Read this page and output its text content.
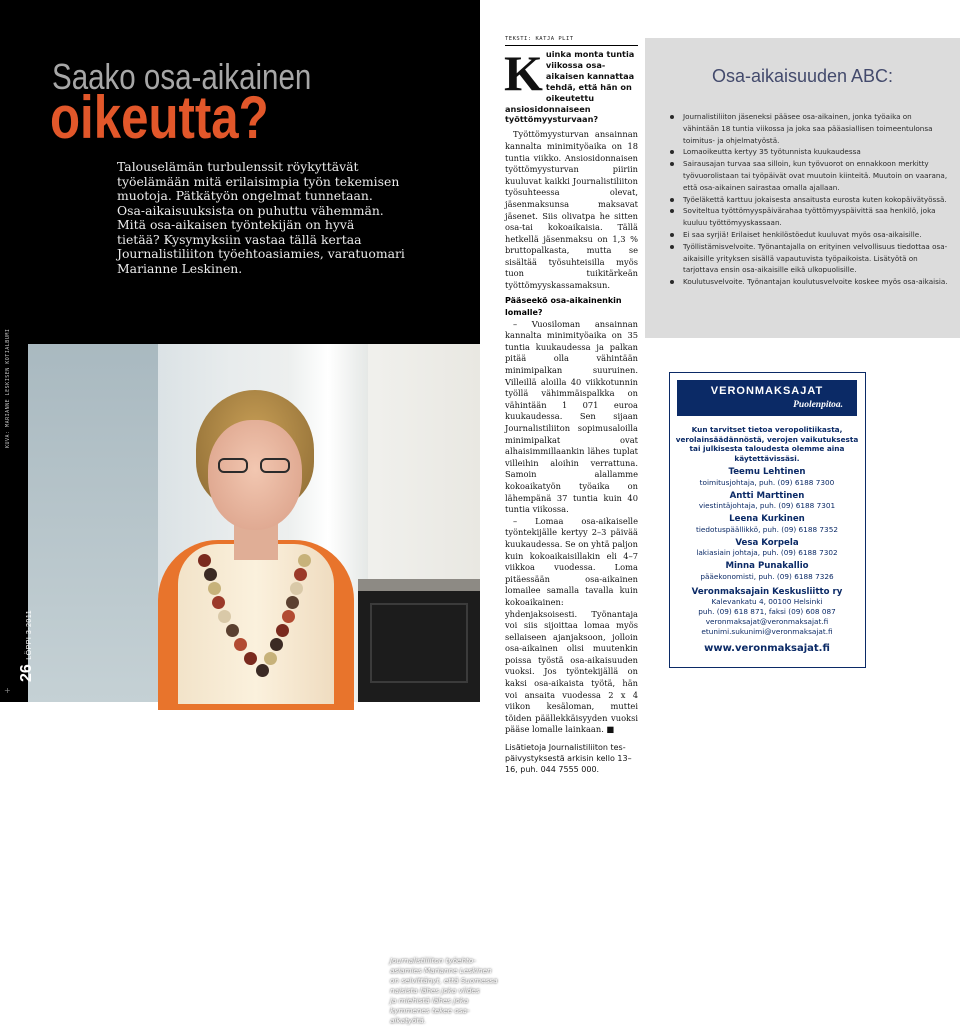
KUVA: MARIANNE LESKISEN KOTIALBUMI
Saako osa-aikainen
oikeutta?

Talouselämän turbulenssit röykyttävät

työelämään mitä erilaisimpia työn tekemisen

muotoja. Pätkätyön ongelmat tunnetaan.

Osa-aikaisuuksista on puhuttu vähemmän.

Mitä osa-aikaisen työntekijän on hyvä

tietää? Kysymyksiin vastaa tällä kertaa

Journalistiliiton työehtoasiamies, varatuomari

Marianne Leskinen.

Journalistiliiton työehto-
asiamies Marianne Leskinen
on selvittänyt, että Suomessa
naisista lähes joka viides
ja miehistä lähes joka
kymmenes tekee osa-aikatyötä.
26 LÖPPI 3-2011
+
TEKSTI: KATJA PLIT
K uinka monta tuntia viikossa osa-aikaisen kannattaa tehdä, että hän on oikeutettu ansiosidonnaiseen työttömyysturvaan?

Työttömyysturvan ansainnan kannalta minimityöaika on 18 tuntia viikko. Ansiosidonnaisen työttömyysturvan piiriin kuuluvat kaikki Journalistiliiton työsuhteessa olevat, jäsenmaksunsa maksavat jäsenet. Siis olivatpa he sitten osa-tai kokoaikaisia. Tällä hetkellä jäsenmaksu on 1,3 % bruttopalkasta, mutta se sisältää työsuhteisilla myös tuon tuikitärkeän työttömyyskassamaksun.

Pääseekö osa-aikainenkin lomalle?

– Vuosiloman ansainnan kannalta minimityöaika on 35 tuntia kuukaudessa ja palkan pitää olla vähintään minimipalkan suuruinen. Villeillä aloilla 40 viikkotunnin työllä vähimmäispalkka on vähintään 1 071 euroa kuukaudessa. Sen sijaan Journalistiliiton sopimusaloilla minimipalkat ovat alhaisimmillaankin lähes tuplat villeihin aloihin verrattuna. Samoin alallamme kokoaikatyön työaika on lähempänä 37 tuntia kuin 40 tuntia viikossa.

– Lomaa osa-aikaiselle työntekijälle kertyy 2–3 päivää kuukaudessa. Se on yhtä paljon kuin kokoaikaisillakin eli 4–7 viikkoa vuodessa. Loma pitäessään osa-aikainen lomailee samalla tavalla kuin kokoaikainen: yhdenjaksoisesti. Työnantaja voi siis sijoittaa lomaa myös sellaiseen ajanjaksoon, jolloin osa-aikainen olisi muutenkin poissa työstä osa-aikaisuuden vuoksi. Jos työntekijällä on kaksi osa-aikaista työtä, hän voi ansaita vuodessa 2 x 4 viikon kesäloman, muttei töiden päällekkäisyyden vuoksi pääse lomalle lainkaan. ■

Lisätietoja Journalistiliiton tes-päivystyksestä arkisin kello 13–16, puh. 044 7555 000.
Osa-aikaisuuden ABC:
Journalistiliiton jäseneksi pääsee osa-aikainen, jonka työaika on vähintään 18 tuntia viikossa ja joka saa pääasiallisen toimeentulonsa toimitus- ja ohjelmatyöstä.
Lomaoikeutta kertyy 35 työtunnista kuukaudessa
Sairausajan turvaa saa silloin, kun työvuorot on ennakkoon merkitty työvuorolistaan tai työpäivät ovat muutoin kiinteitä. Muutoin on vaarana, että osa-aikainen sairastaa omalla ajallaan.
Työeläkettä karttuu jokaisesta ansaitusta eurosta kuten kokopäivätyössä.
Soviteltua työttömyyspäivärahaa työttömyyspäivittä saa henkilö, joka kuuluu työttömyyskassaan.
Ei saa syrjiä! Erilaiset henkilöstöedut kuuluvat myös osa-aikaisille.
Työllistämisvelvoite. Työnantajalla on erityinen velvollisuus tiedottaa osa-aikaisille yrityksen sisällä vapautuvista työpaikoista. Lisätyötä on tarjottava ensin osa-aikaisille eikä ulkopuolisille.
Koulutusvelvoite. Työnantajan koulutusvelvoite koskee myös osa-aikaisia.
VERONMAKSAJAT
Puolenpitoa.
Kun tarvitset tietoa veropolitiikasta, verolainsäädännöstä, verojen vaikutuksesta tai julkisesta taloudesta olemme aina käytettävissäsi.
Teemu Lehtinen
toimitusjohtaja, puh. (09) 6188 7300
Antti Marttinen
viestintäjohtaja, puh. (09) 6188 7301
Leena Kurkinen
tiedotuspäällikkö, puh. (09) 6188 7352
Vesa Korpela
lakiasiain johtaja, puh. (09) 6188 7302
Minna Punakallio
pääekonomisti, puh. (09) 6188 7326
Veronmaksajain Keskusliitto ry
Kalevankatu 4, 00100 Helsinki
puh. (09) 618 871, faksi (09) 608 087
veronmaksajat@veronmaksajat.fi
etunimi.sukunimi@veronmaksajat.fi
www.veronmaksajat.fi
